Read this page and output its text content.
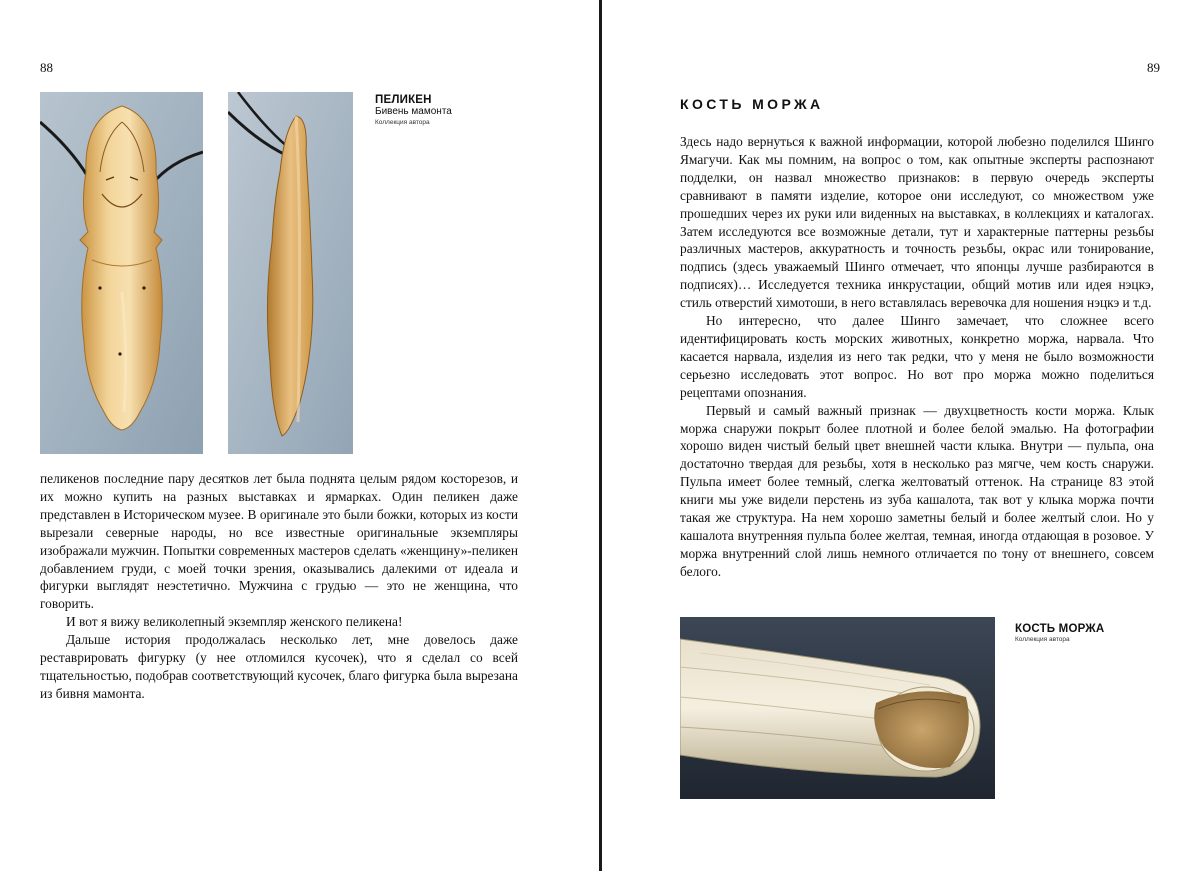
88
ПЕЛИКЕН
Бивень мамонта
Коллекция автора

пеликенов последние пару десятков лет была поднята целым рядом косторезов, и их можно купить на разных выставках и ярмарках. Один пеликен даже представлен в Историческом музее. В оригинале это были божки, которых из кости вырезали северные народы, но все известные оригинальные экземпляры изображали мужчин. Попытки современных мастеров сделать «женщину»-пеликен добавлением груди, с моей точки зрения, оказывались далекими от идеала и фигурки выглядят неэстетично. Мужчина с грудью — это не женщина, что говорить.

И вот я вижу великолепный экземпляр женского пеликена!

Дальше история продолжалась несколько лет, мне довелось даже реставрировать фигурку (у нее отломился кусочек), что я сделал со всей тщательностью, подобрав соответствующий кусочек, благо фигурка была вырезана из бивня мамонта.

89
КОСТЬ МОРЖА

Здесь надо вернуться к важной информации, которой любезно поделился Шинго Ямагучи. Как мы помним, на вопрос о том, как опытные эксперты распознают подделки, он назвал множество признаков: в первую очередь эксперты сравнивают в памяти изделие, которое они исследуют, со множеством уже прошедших через их руки или виденных на выставках, в коллекциях и каталогах. Затем исследуются все возможные детали, тут и характерные паттерны резьбы различных мастеров, аккуратность и точность резьбы, окрас или тонирование, подпись (здесь уважаемый Шинго отмечает, что японцы лучше разбираются в подписях)… Исследуется техника инкрустации, общий мотив или идея нэцкэ, стиль отверстий химотоши, в него вставлялась веревочка для ношения нэцкэ и т.д.

Но интересно, что далее Шинго замечает, что сложнее всего идентифицировать кость морских животных, конкретно моржа, нарвала. Что касается нарвала, изделия из него так редки, что у меня не было возможности серьезно исследовать этот вопрос. Но вот про моржа можно поделиться рецептами опознания.

Первый и самый важный признак — двухцветность кости моржа. Клык моржа снаружи покрыт более плотной и более белой эмалью. На фотографии хорошо виден чистый белый цвет внешней части клыка. Внутри — пульпа, она достаточно твердая для резьбы, хотя в несколько раз мягче, чем кость снаружи. Пульпа имеет более темный, слегка желтоватый оттенок. На странице 83 этой книги мы уже видели перстень из зуба кашалота, так вот у клыка моржа почти такая же структура. На нем хорошо заметны белый и более желтый слои. Но у кашалота внутренняя пульпа более желтая, темная, иногда отдающая в розовое. У моржа внутренний слой лишь немного отличается по тону от внешнего, совсем белого.

КОСТЬ МОРЖА
Коллекция автора
